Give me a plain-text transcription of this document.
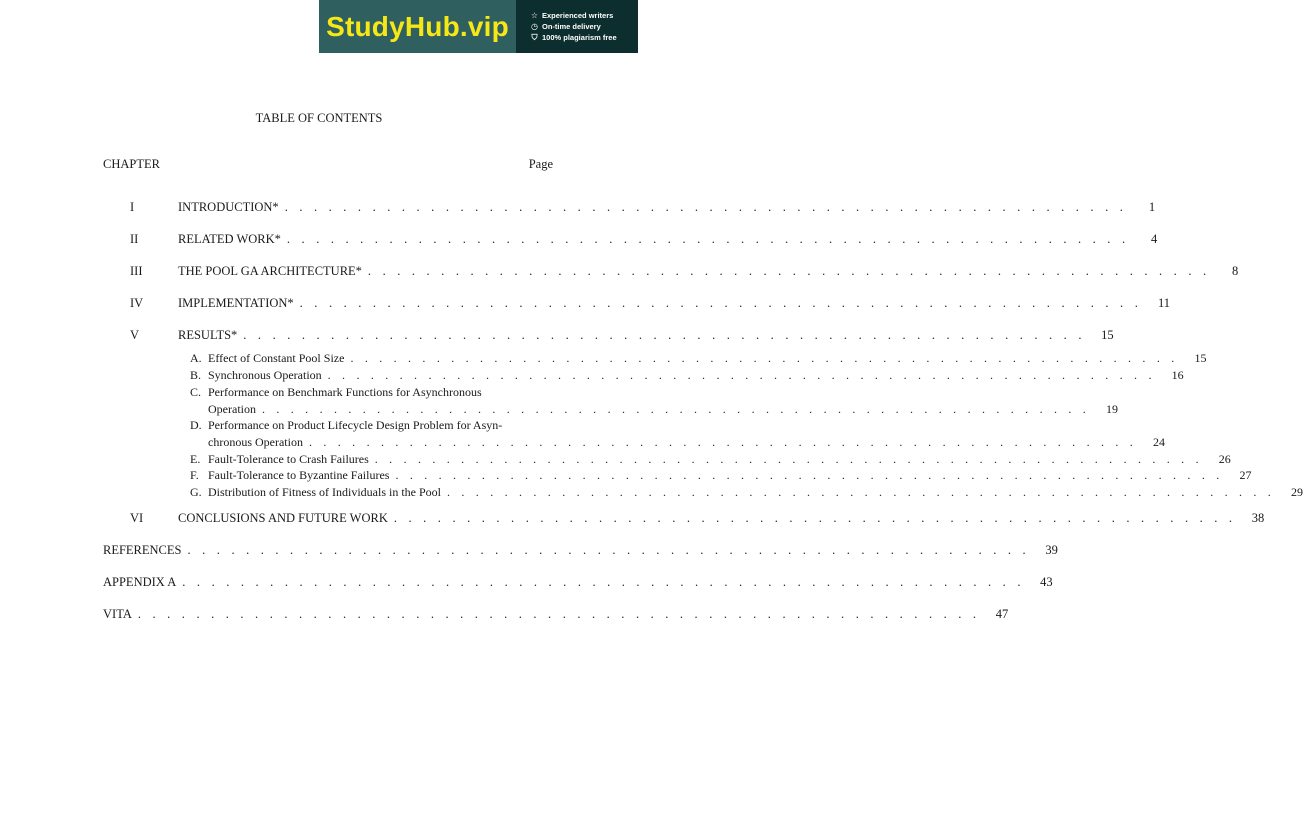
StudyHub.vip	☆ Experienced writers
◷ On-time delivery
⛉ 100% plagiarism free
TABLE OF CONTENTS
CHAPTER	Page
I	INTRODUCTION* . . . . . . . . . . . . . . . . . . . . . . . . . . . . . . . . . . . . . . . . . . . . . . . . . . . . . . . . . .	1
II	RELATED WORK* . . . . . . . . . . . . . . . . . . . . . . . . . . . . . . . . . . . . . . . . . . . . . . . . . . . . . . . . . .	4
III	THE POOL GA ARCHITECTURE* . . . . . . . . . . . . . . . . . . . . . . . . . . . . . . . . . . . . . . . . . . . . . . . . . . . . . . . . . .	8
IV	IMPLEMENTATION* . . . . . . . . . . . . . . . . . . . . . . . . . . . . . . . . . . . . . . . . . . . . . . . . . . . . . . . . . .	11
V	RESULTS* . . . . . . . . . . . . . . . . . . . . . . . . . . . . . . . . . . . . . . . . . . . . . . . . . . . . . . . . . .	15
A. Effect of Constant Pool Size . . . . . . . . . . . . . . . . . . . . . . . . . . . . . . . . . . . . . . . . . . . . . . . . . . . . . . . . . .	15
B. Synchronous Operation . . . . . . . . . . . . . . . . . . . . . . . . . . . . . . . . . . . . . . . . . . . . . . . . . . . . . . . . . .	16
C. Performance on Benchmark Functions for Asynchronous
Operation . . . . . . . . . . . . . . . . . . . . . . . . . . . . . . . . . . . . . . . . . . . . . . . . . . . . . . . . . .	19
D. Performance on Product Lifecycle Design Problem for Asyn-
chronous Operation . . . . . . . . . . . . . . . . . . . . . . . . . . . . . . . . . . . . . . . . . . . . . . . . . . . . . . . . . .	24
E. Fault-Tolerance to Crash Failures . . . . . . . . . . . . . . . . . . . . . . . . . . . . . . . . . . . . . . . . . . . . . . . . . . . . . . . . . .	26
F. Fault-Tolerance to Byzantine Failures . . . . . . . . . . . . . . . . . . . . . . . . . . . . . . . . . . . . . . . . . . . . . . . . . . . . . . . . . .	27
G. Distribution of Fitness of Individuals in the Pool . . . . . . . . . . . . . . . . . . . . . . . . . . . . . . . . . . . . . . . . . . . . . . . . . . . . . . . . . .	29
VI	CONCLUSIONS AND FUTURE WORK . . . . . . . . . . . . . . . . . . . . . . . . . . . . . . . . . . . . . . . . . . . . . . . . . . . . . . . . . .	38
REFERENCES . . . . . . . . . . . . . . . . . . . . . . . . . . . . . . . . . . . . . . . . . . . . . . . . . . . . . . . . . .	39
APPENDIX A . . . . . . . . . . . . . . . . . . . . . . . . . . . . . . . . . . . . . . . . . . . . . . . . . . . . . . . . . .	43
VITA . . . . . . . . . . . . . . . . . . . . . . . . . . . . . . . . . . . . . . . . . . . . . . . . . . . . . . . . . .	47
